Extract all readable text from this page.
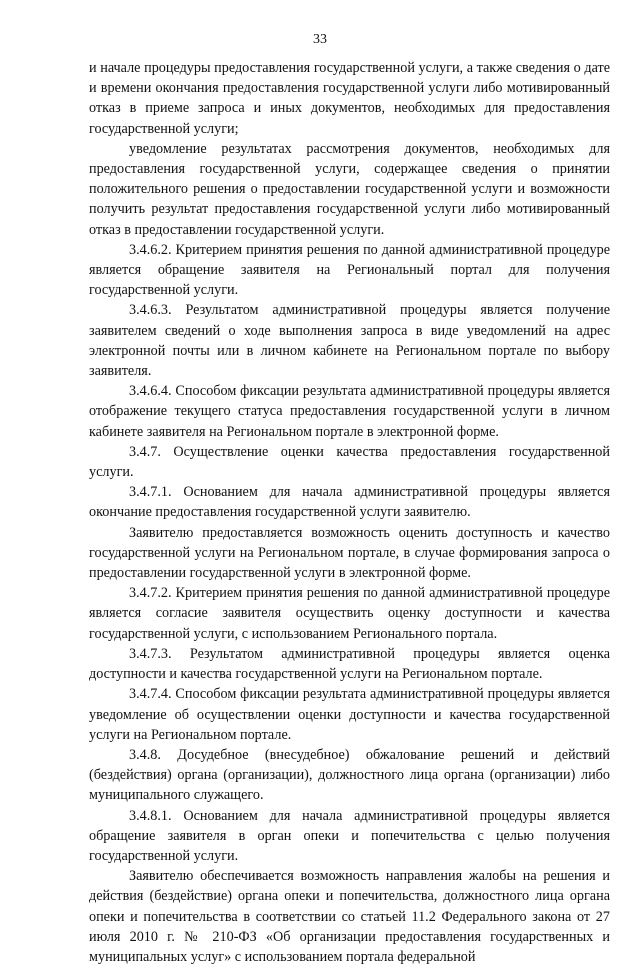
33

и начале процедуры предоставления государственной услуги, а также сведения о дате и времени окончания предоставления государственной услуги либо мотивированный отказ в приеме запроса и иных документов, необходимых для предоставления государственной услуги;

уведомление результатах рассмотрения документов, необходимых для предоставления государственной услуги, содержащее сведения о принятии положительного решения о предоставлении государственной услуги и возможности получить результат предоставления государственной услуги либо мотивированный отказ в предоставлении государственной услуги.

3.4.6.2. Критерием принятия решения по данной административной процедуре является обращение заявителя на Региональный портал для получения государственной услуги.

3.4.6.3. Результатом административной процедуры является получение заявителем сведений о ходе выполнения запроса в виде уведомлений на адрес электронной почты или в личном кабинете на Региональном портале по выбору заявителя.

3.4.6.4. Способом фиксации результата административной процедуры является отображение текущего статуса предоставления государственной услуги в личном кабинете заявителя на Региональном портале в электронной форме.

3.4.7. Осуществление оценки качества предоставления государственной услуги.

3.4.7.1. Основанием для начала административной процедуры является окончание предоставления государственной услуги заявителю.

Заявителю предоставляется возможность оценить доступность и качество государственной услуги на Региональном портале, в случае формирования запроса о предоставлении государственной услуги в электронной форме.

3.4.7.2. Критерием принятия решения по данной административной процедуре является согласие заявителя осуществить оценку доступности и качества государственной услуги, с использованием Регионального портала.

3.4.7.3. Результатом административной процедуры является оценка доступности и качества государственной услуги на Региональном портале.

3.4.7.4. Способом фиксации результата административной процедуры является уведомление об осуществлении оценки доступности и качества государственной услуги на Региональном портале.

3.4.8. Досудебное (внесудебное) обжалование решений и действий (бездействия) органа (организации), должностного лица органа (организации) либо муниципального служащего.

3.4.8.1. Основанием для начала административной процедуры является обращение заявителя в орган опеки и попечительства с целью получения государственной услуги.

Заявителю обеспечивается возможность направления жалобы на решения и действия (бездействие) органа опеки и попечительства, должностного лица органа опеки и попечительства в соответствии со статьей 11.2 Федерального закона от 27 июля 2010 г. № 210-ФЗ «Об организации предоставления государственных и муниципальных услуг» с использованием портала федеральной
